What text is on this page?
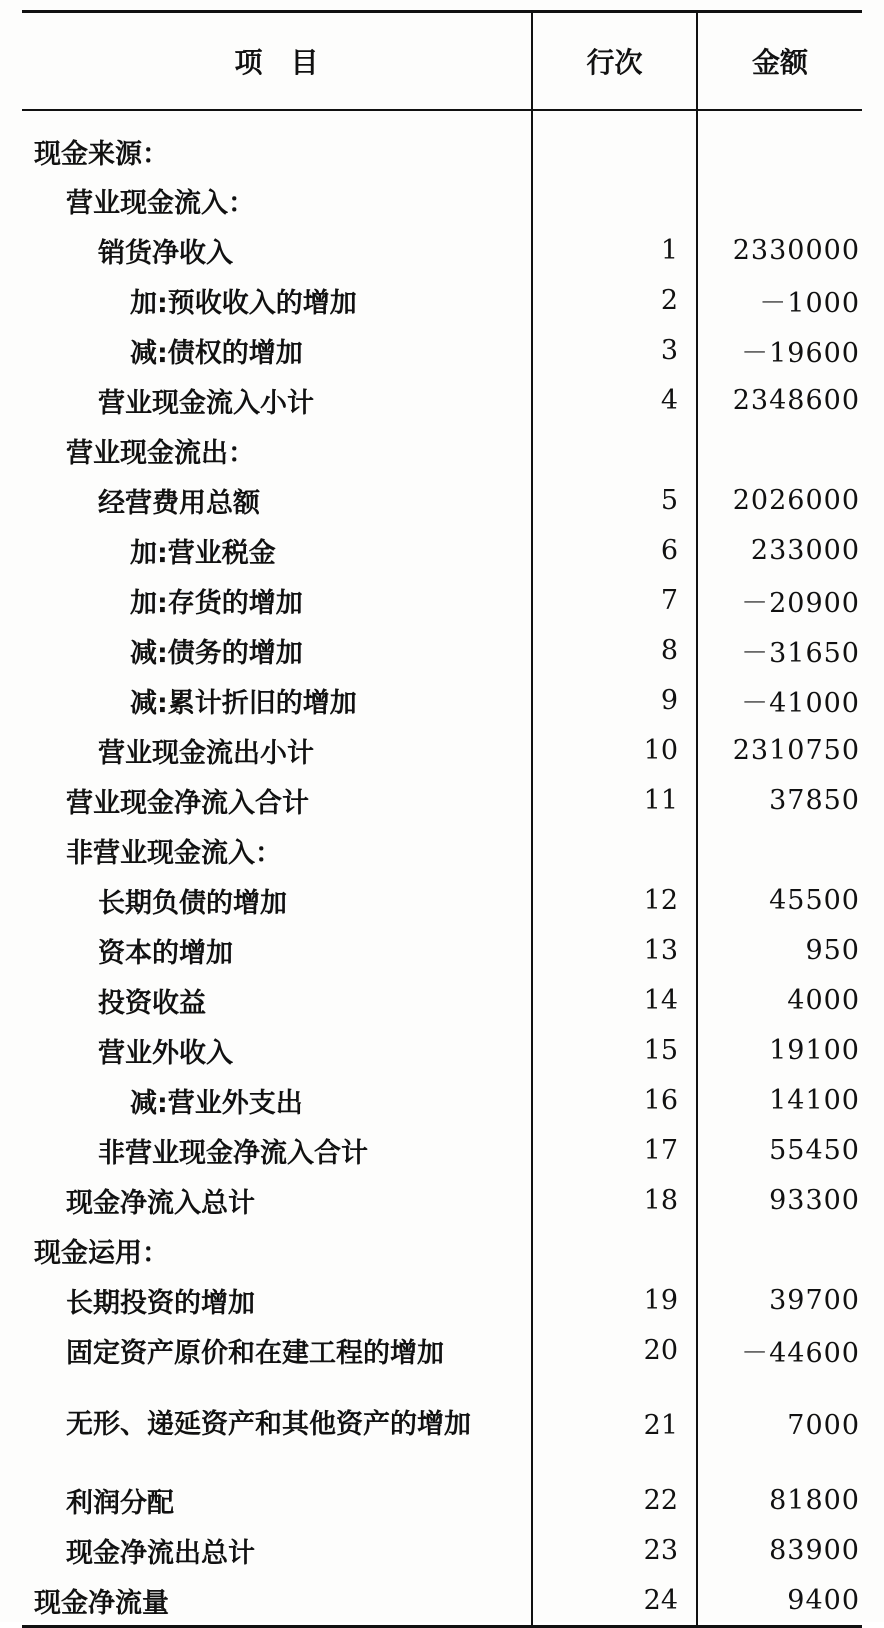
项目	行次	金额
现金来源：		
营业现金流入：		
销货净收入	1	2330000
加:预收收入的增加	2	－1000
减:债权的增加	3	－19600
营业现金流入小计	4	2348600
营业现金流出：		
经营费用总额	5	2026000
加:营业税金	6	233000
加:存货的增加	7	－20900
减:债务的增加	8	－31650
减:累计折旧的增加	9	－41000
营业现金流出小计	10	2310750
营业现金净流入合计	11	37850
非营业现金流入：		
长期负债的增加	12	45500
资本的增加	13	950
投资收益	14	4000
营业外收入	15	19100
减:营业外支出	16	14100
非营业现金净流入合计	17	55450
现金净流入总计	18	93300
现金运用：		
长期投资的增加	19	39700
固定资产原价和在建工程的增加	20	－44600
无形、递延资产和其他资产的增加	21	7000
利润分配	22	81800
现金净流出总计	23	83900
现金净流量	24	9400
